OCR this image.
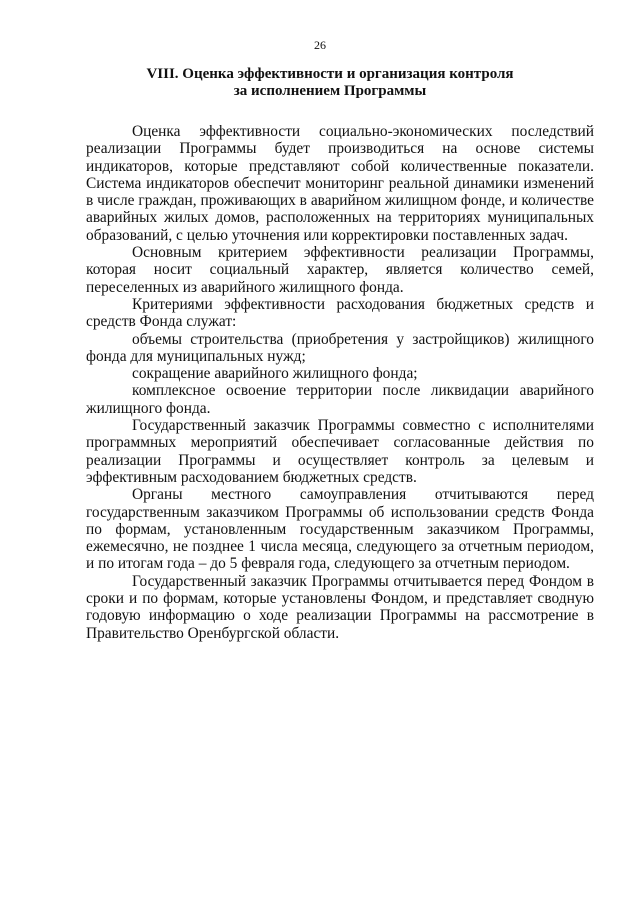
26
VIII. Оценка эффективности и организация контроля
за исполнением Программы

Оценка эффективности социально-экономических последствий реализации Программы будет производиться на основе системы индикаторов, которые представляют собой количественные показатели. Система индикаторов обеспечит мониторинг реальной динамики изменений в числе граждан, проживающих в аварийном жилищном фонде, и количестве аварийных жилых домов, расположенных на территориях муниципальных образований, с целью уточнения или корректировки поставленных задач.

Основным критерием эффективности реализации Программы, которая носит социальный характер, является количество семей, переселенных из аварийного жилищного фонда.

Критериями эффективности расходования бюджетных средств и средств Фонда служат:

объемы строительства (приобретения у застройщиков) жилищного фонда для муниципальных нужд;

сокращение аварийного жилищного фонда;

комплексное освоение территории после ликвидации аварийного жилищного фонда.

Государственный заказчик Программы совместно с исполнителями программных мероприятий обеспечивает согласованные действия по реализации Программы и осуществляет контроль за целевым и эффективным расходованием бюджетных средств.

Органы местного самоуправления отчитываются перед государственным заказчиком Программы об использовании средств Фонда по формам, установленным государственным заказчиком Программы, ежемесячно, не позднее 1 числа месяца, следующего за отчетным периодом, и по итогам года – до 5 февраля года, следующего за отчетным периодом.

Государственный заказчик Программы отчитывается перед Фондом в сроки и по формам, которые установлены Фондом, и представляет сводную годовую информацию о ходе реализации Программы на рассмотрение в Правительство Оренбургской области.
